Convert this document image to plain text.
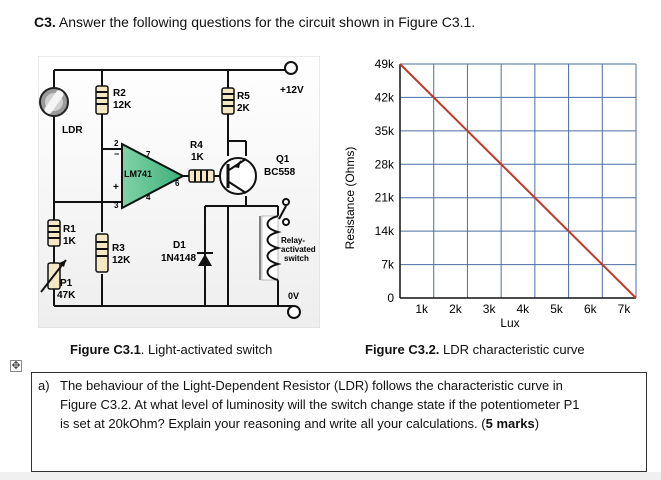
C3. Answer the following questions for the circuit shown in Figure C3.1.
+12V
0V
LDR
R2
12K
R5
2K
LM741
2
−
+
3
7
4
6
R4
1K	Q1
BC558
Relay-
activated
switch
D1
1N4148
R1
1K
R3
12K
P1
47K
Resistance (Ohms)
Lux
1k 2k 3k 4k 5k 6k 7k
0
7k
14k
21k
28k
35k
42k
49k
Figure C3.1. Light-activated switch	Figure C3.2. LDR characteristic curve
✥
a) The behaviour of the Light-Dependent Resistor (LDR) follows the characteristic curve in
Figure C3.2. At what level of luminosity will the switch change state if the potentiometer P1
is set at 20kOhm? Explain your reasoning and write all your calculations. (5 marks)
